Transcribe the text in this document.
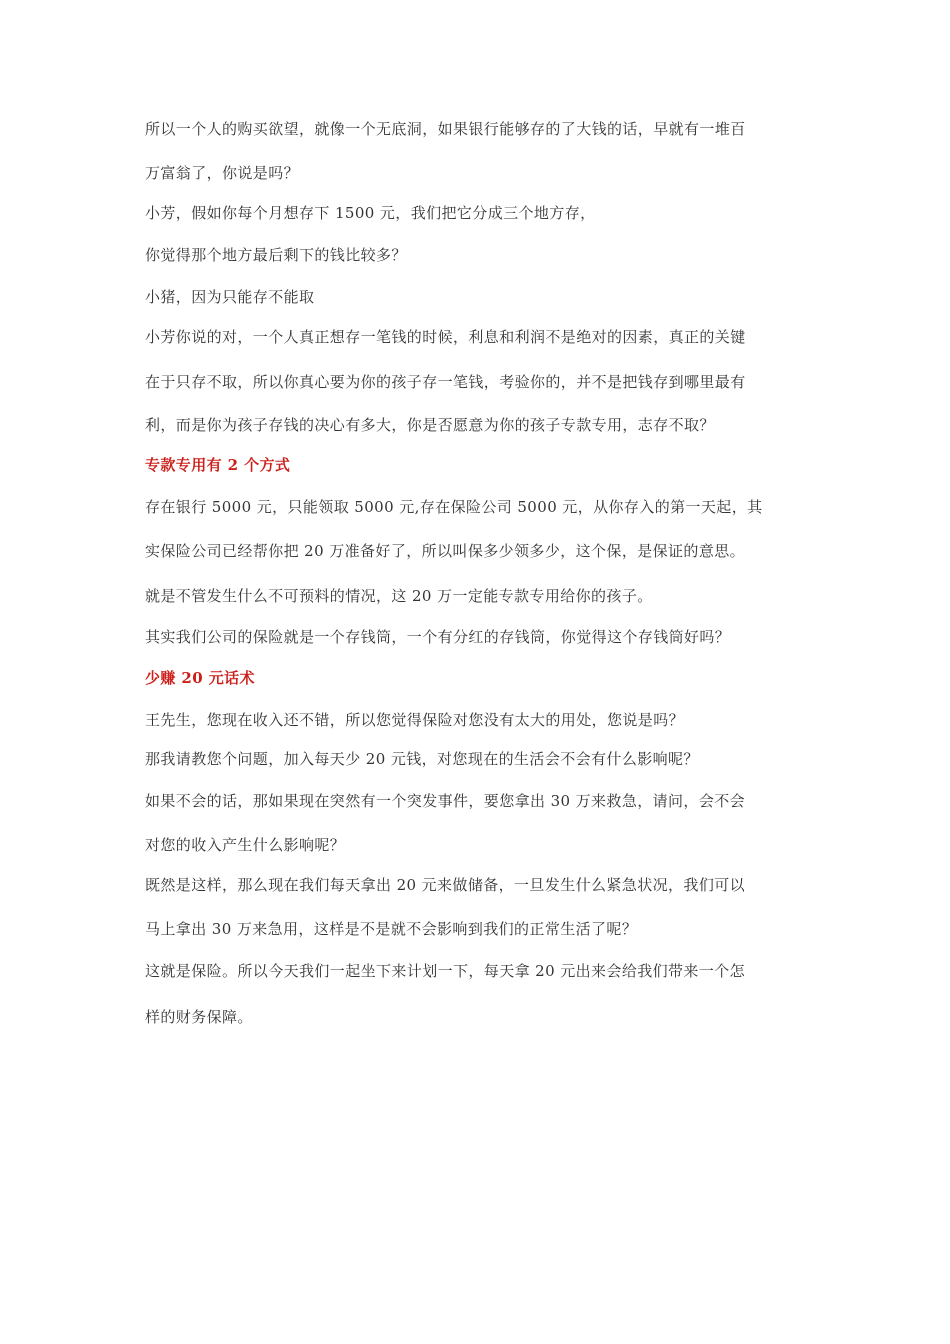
所以一个人的购买欲望，就像一个无底洞，如果银行能够存的了大钱的话，早就有一堆百
万富翁了，你说是吗？
小芳，假如你每个月想存下 1500 元，我们把它分成三个地方存，
你觉得那个地方最后剩下的钱比较多？
小猪，因为只能存不能取
小芳你说的对，一个人真正想存一笔钱的时候，利息和利润不是绝对的因素，真正的关键
在于只存不取，所以你真心要为你的孩子存一笔钱，考验你的，并不是把钱存到哪里最有
利，而是你为孩子存钱的决心有多大，你是否愿意为你的孩子专款专用，志存不取？
专款专用有 2 个方式
存在银行 5000 元，只能领取 5000 元,存在保险公司 5000 元，从你存入的第一天起，其
实保险公司已经帮你把 20 万准备好了，所以叫保多少领多少，这个保，是保证的意思。
就是不管发生什么不可预料的情况，这 20 万一定能专款专用给你的孩子。
其实我们公司的保险就是一个存钱筒，一个有分红的存钱筒，你觉得这个存钱筒好吗？
少赚 20 元话术
王先生，您现在收入还不错，所以您觉得保险对您没有太大的用处，您说是吗？
那我请教您个问题，加入每天少 20 元钱，对您现在的生活会不会有什么影响呢？
如果不会的话，那如果现在突然有一个突发事件，要您拿出 30 万来救急，请问，会不会
对您的收入产生什么影响呢？
既然是这样，那么现在我们每天拿出 20 元来做储备，一旦发生什么紧急状况，我们可以
马上拿出 30 万来急用，这样是不是就不会影响到我们的正常生活了呢？
这就是保险。所以今天我们一起坐下来计划一下，每天拿 20 元出来会给我们带来一个怎
样的财务保障。
